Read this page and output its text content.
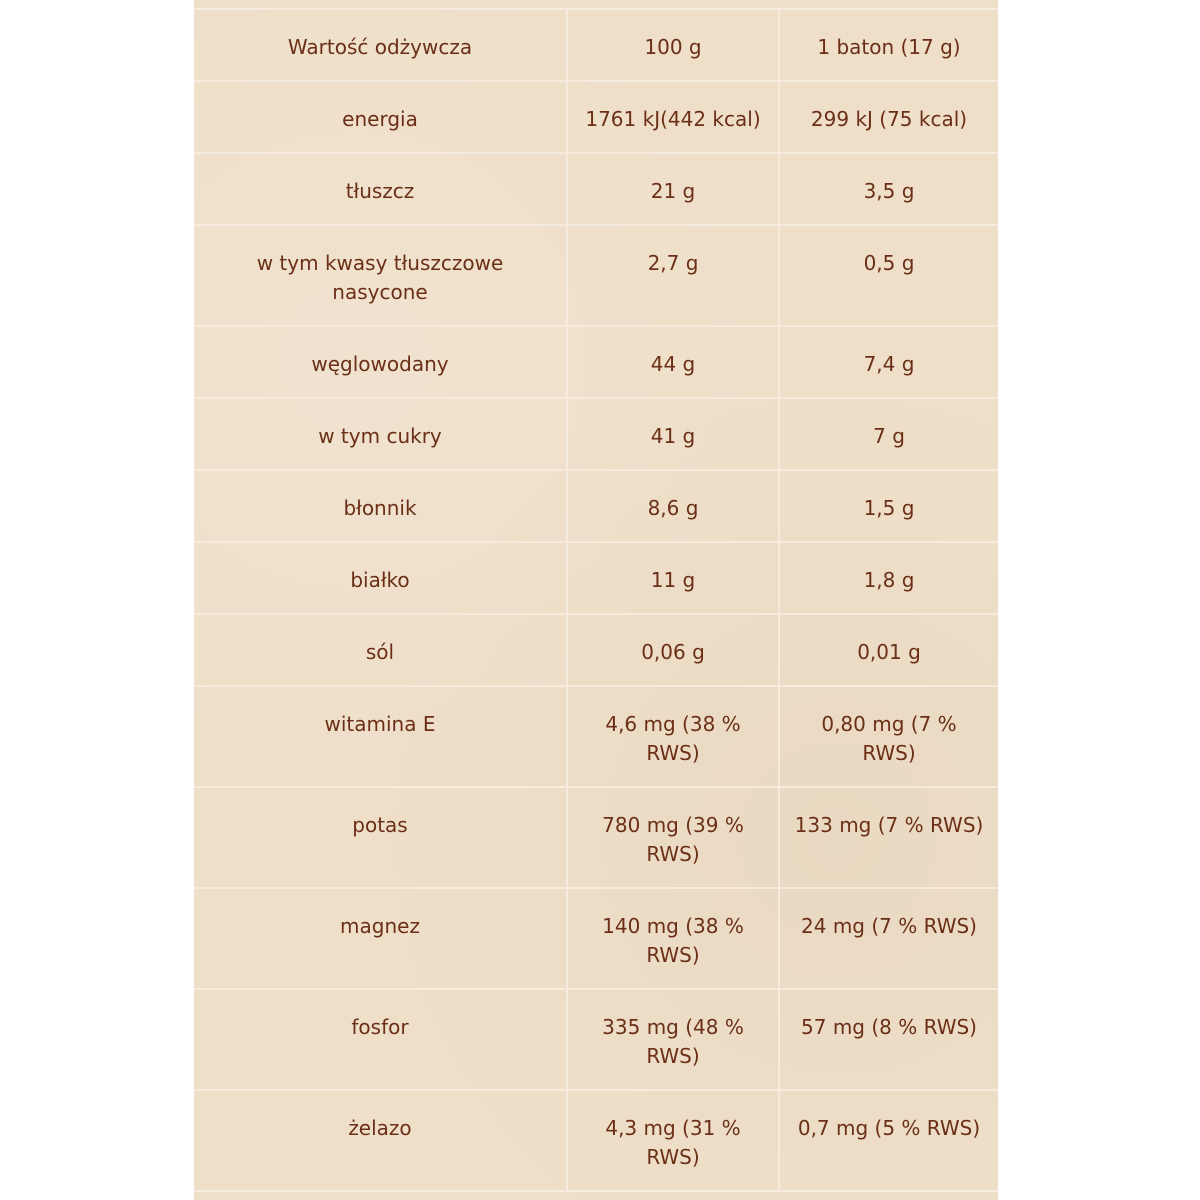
Wartość odżywcza	100 g	1 baton (17 g)
energia	1761 kJ(442 kcal)	299 kJ (75 kcal)
tłuszcz	21 g	3,5 g
w tym kwasy tłuszczowe nasycone	2,7 g	0,5 g
węglowodany	44 g	7,4 g
w tym cukry	41 g	7 g
błonnik	8,6 g	1,5 g
białko	11 g	1,8 g
sól	0,06 g	0,01 g
witamina E	4,6 mg (38 % RWS)	0,80 mg (7 % RWS)
potas	780 mg (39 % RWS)	133 mg (7 % RWS)
magnez	140 mg (38 % RWS)	24 mg (7 % RWS)
fosfor	335 mg (48 % RWS)	57 mg (8 % RWS)
żelazo	4,3 mg (31 % RWS)	0,7 mg (5 % RWS)
